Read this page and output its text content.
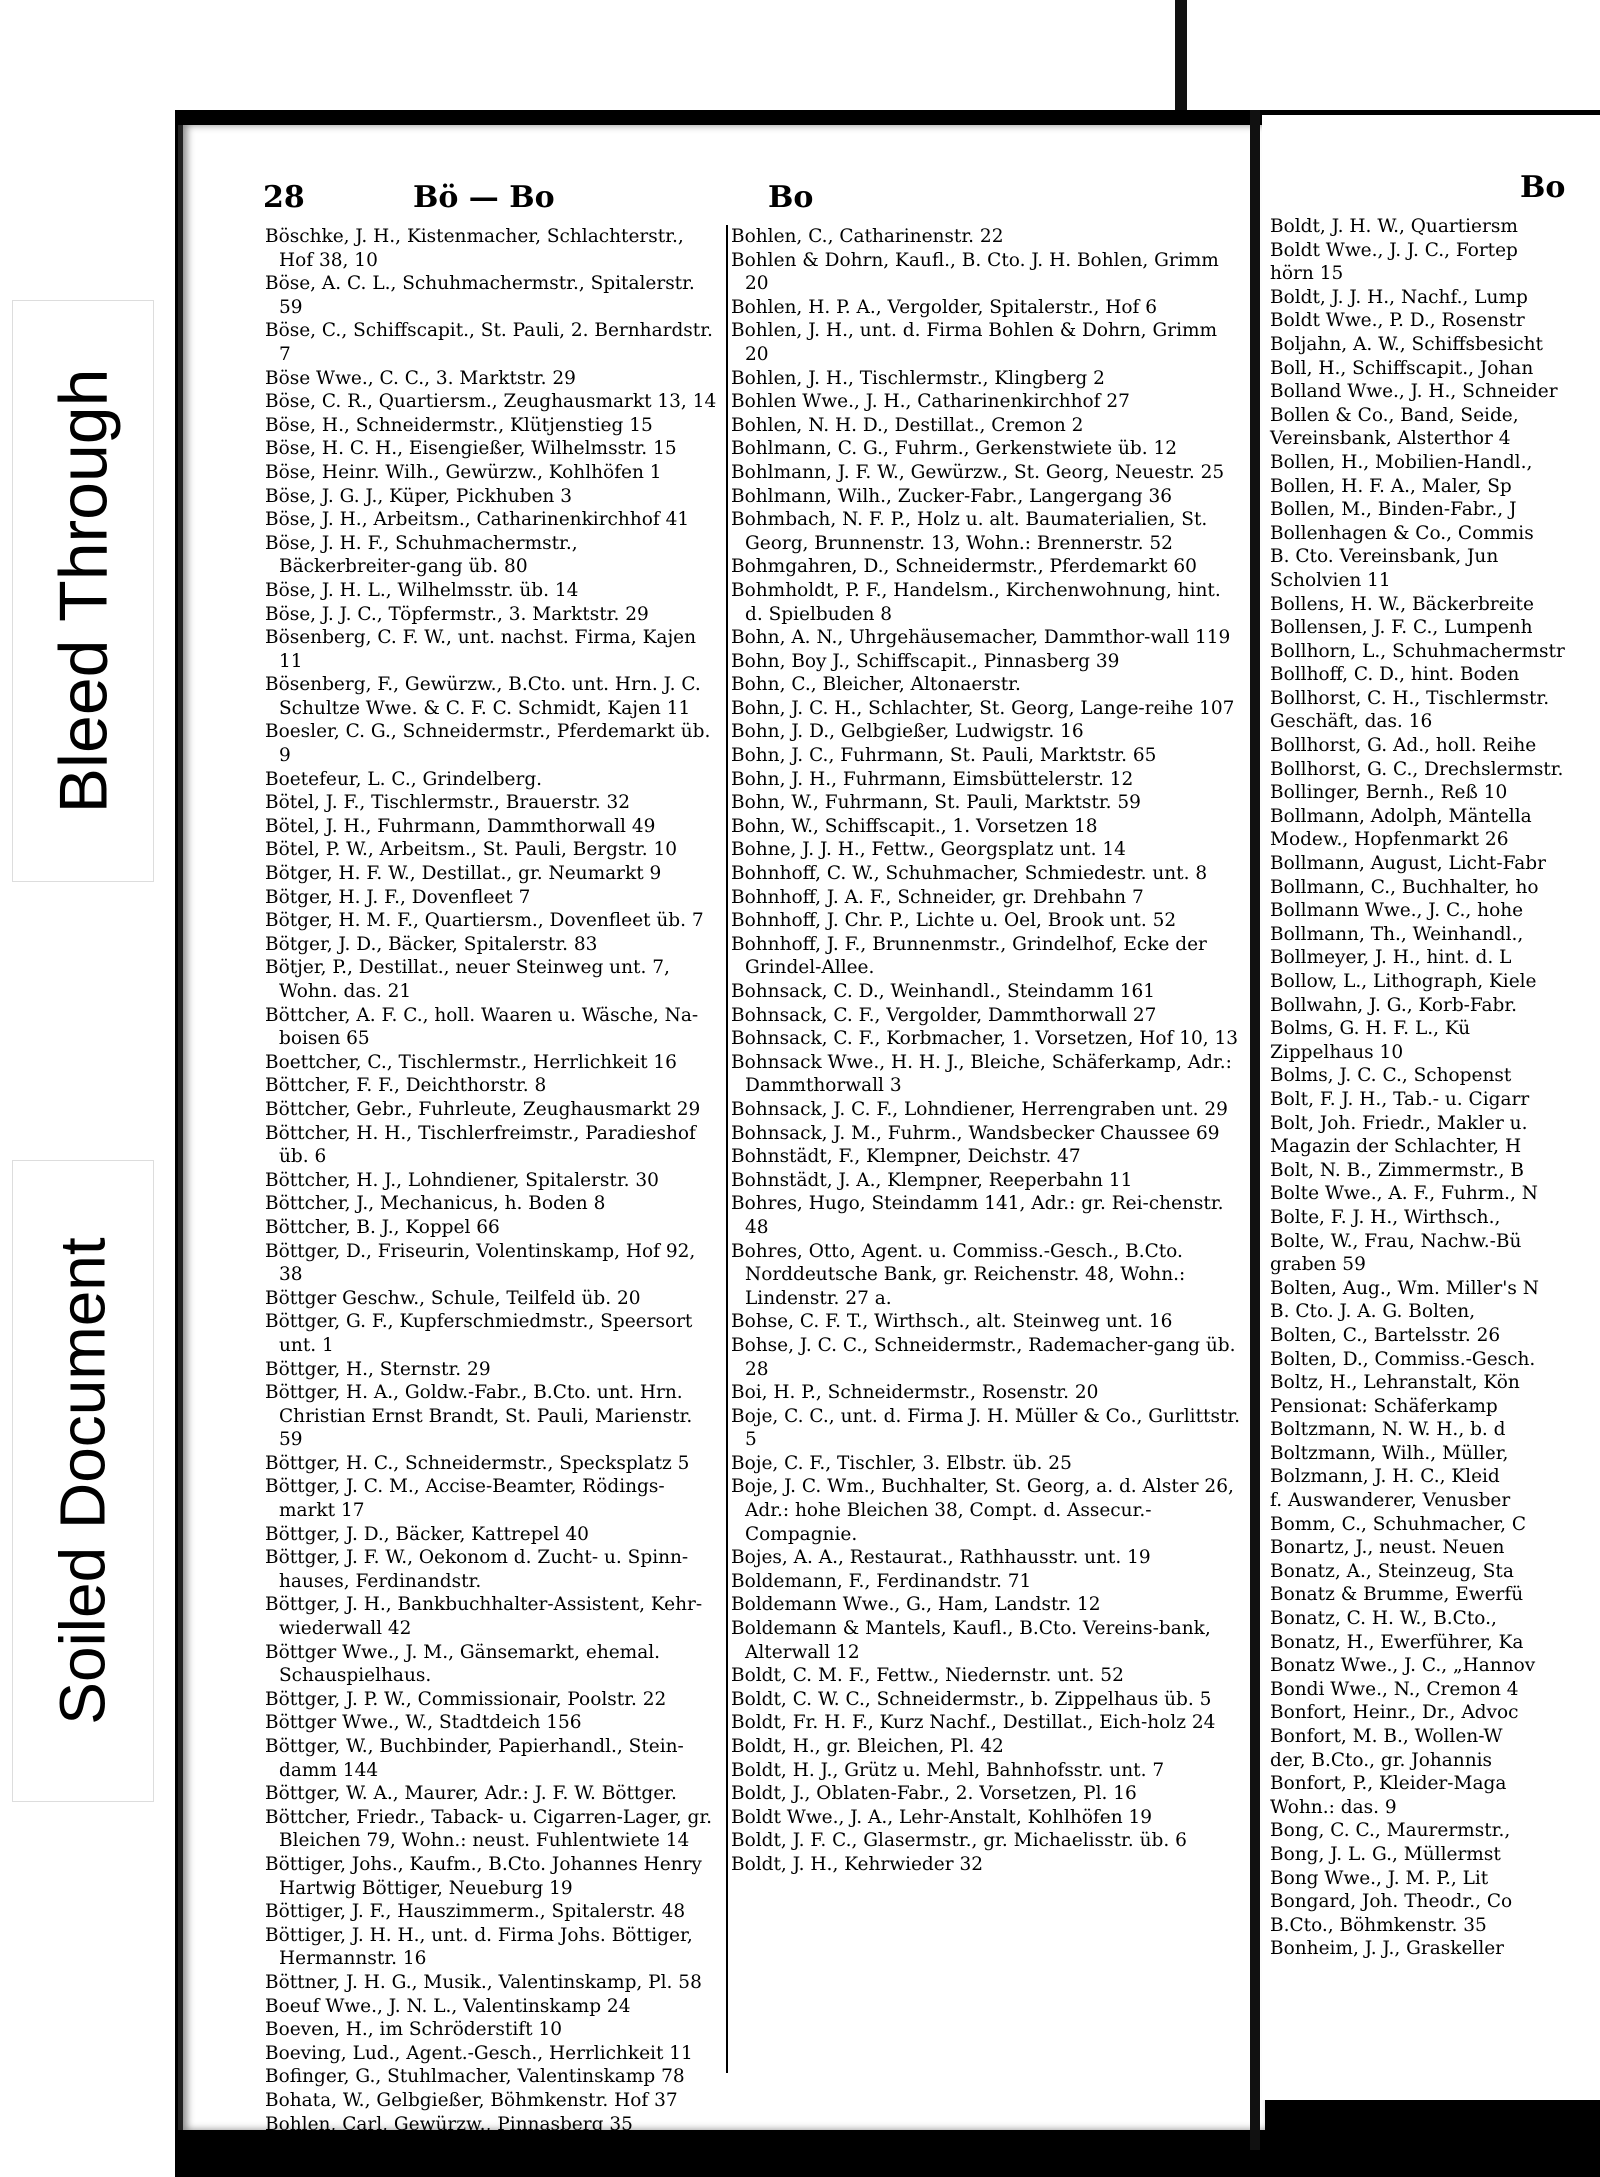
Bleed Through
Soiled Document
28	Bö — Bo	Bo

Böschke, J. H., Kistenmacher, Schlachterstr., Hof 38, 10

Böse, A. C. L., Schuhmachermstr., Spitalerstr. 59

Böse, C., Schiffscapit., St. Pauli, 2. Bernhardstr. 7

Böse Wwe., C. C., 3. Marktstr. 29

Böse, C. R., Quartiersm., Zeughausmarkt 13, 14

Böse, H., Schneidermstr., Klütjenstieg 15

Böse, H. C. H., Eisengießer, Wilhelmsstr. 15

Böse, Heinr. Wilh., Gewürzw., Kohlhöfen 1

Böse, J. G. J., Küper, Pickhuben 3

Böse, J. H., Arbeitsm., Catharinenkirchhof 41

Böse, J. H. F., Schuhmachermstr., Bäckerbreiter-gang üb. 80

Böse, J. H. L., Wilhelmsstr. üb. 14

Böse, J. J. C., Töpfermstr., 3. Marktstr. 29

Bösenberg, C. F. W., unt. nachst. Firma, Kajen 11

Bösenberg, F., Gewürzw., B.Cto. unt. Hrn. J. C. Schultze Wwe. & C. F. C. Schmidt, Kajen 11

Boesler, C. G., Schneidermstr., Pferdemarkt üb. 9

Boetefeur, L. C., Grindelberg.

Bötel, J. F., Tischlermstr., Brauerstr. 32

Bötel, J. H., Fuhrmann, Dammthorwall 49

Bötel, P. W., Arbeitsm., St. Pauli, Bergstr. 10

Bötger, H. F. W., Destillat., gr. Neumarkt 9

Bötger, H. J. F., Dovenfleet 7

Bötger, H. M. F., Quartiersm., Dovenfleet üb. 7

Bötger, J. D., Bäcker, Spitalerstr. 83

Bötjer, P., Destillat., neuer Steinweg unt. 7, Wohn. das. 21

Böttcher, A. F. C., holl. Waaren u. Wäsche, Na-boisen 65

Boettcher, C., Tischlermstr., Herrlichkeit 16

Böttcher, F. F., Deichthorstr. 8

Böttcher, Gebr., Fuhrleute, Zeughausmarkt 29

Böttcher, H. H., Tischlerfreimstr., Paradieshof üb. 6

Böttcher, H. J., Lohndiener, Spitalerstr. 30

Böttcher, J., Mechanicus, h. Boden 8

Böttcher, B. J., Koppel 66

Böttger, D., Friseurin, Volentinskamp, Hof 92, 38

Böttger Geschw., Schule, Teilfeld üb. 20

Böttger, G. F., Kupferschmiedmstr., Speersort unt. 1

Böttger, H., Sternstr. 29

Böttger, H. A., Goldw.-Fabr., B.Cto. unt. Hrn. Christian Ernst Brandt, St. Pauli, Marienstr. 59

Böttger, H. C., Schneidermstr., Specksplatz 5

Böttger, J. C. M., Accise-Beamter, Rödings-markt 17

Böttger, J. D., Bäcker, Kattrepel 40

Böttger, J. F. W., Oekonom d. Zucht- u. Spinn-hauses, Ferdinandstr.

Böttger, J. H., Bankbuchhalter-Assistent, Kehr-wiederwall 42

Böttger Wwe., J. M., Gänsemarkt, ehemal. Schauspielhaus.

Böttger, J. P. W., Commissionair, Poolstr. 22

Böttger Wwe., W., Stadtdeich 156

Böttger, W., Buchbinder, Papierhandl., Stein-damm 144

Böttger, W. A., Maurer, Adr.: J. F. W. Böttger.

Böttcher, Friedr., Taback- u. Cigarren-Lager, gr. Bleichen 79, Wohn.: neust. Fuhlentwiete 14

Böttiger, Johs., Kaufm., B.Cto. Johannes Henry Hartwig Böttiger, Neueburg 19

Böttiger, J. F., Hauszimmerm., Spitalerstr. 48

Böttiger, J. H. H., unt. d. Firma Johs. Böttiger, Hermannstr. 16

Böttner, J. H. G., Musik., Valentinskamp, Pl. 58

Boeuf Wwe., J. N. L., Valentinskamp 24

Boeven, H., im Schröderstift 10

Boeving, Lud., Agent.-Gesch., Herrlichkeit 11

Bofinger, G., Stuhlmacher, Valentinskamp 78

Bohata, W., Gelbgießer, Böhmkenstr. Hof 37

Bohlen, Carl, Gewürzw., Pinnasberg 35

Bohlen, C. H., Schuhmacher, Kattrepel üb. 11

Bohlen, C., Catharinenstr. 22

Bohlen & Dohrn, Kaufl., B. Cto. J. H. Bohlen, Grimm 20

Bohlen, H. P. A., Vergolder, Spitalerstr., Hof 6

Bohlen, J. H., unt. d. Firma Bohlen & Dohrn, Grimm 20

Bohlen, J. H., Tischlermstr., Klingberg 2

Bohlen Wwe., J. H., Catharinenkirchhof 27

Bohlen, N. H. D., Destillat., Cremon 2

Bohlmann, C. G., Fuhrm., Gerkenstwiete üb. 12

Bohlmann, J. F. W., Gewürzw., St. Georg, Neuestr. 25

Bohlmann, Wilh., Zucker-Fabr., Langergang 36

Bohmbach, N. F. P., Holz u. alt. Baumaterialien, St. Georg, Brunnenstr. 13, Wohn.: Brennerstr. 52

Bohmgahren, D., Schneidermstr., Pferdemarkt 60

Bohmholdt, P. F., Handelsm., Kirchenwohnung, hint. d. Spielbuden 8

Bohn, A. N., Uhrgehäusemacher, Dammthor-wall 119

Bohn, Boy J., Schiffscapit., Pinnasberg 39

Bohn, C., Bleicher, Altonaerstr.

Bohn, J. C. H., Schlachter, St. Georg, Lange-reihe 107

Bohn, J. D., Gelbgießer, Ludwigstr. 16

Bohn, J. C., Fuhrmann, St. Pauli, Marktstr. 65

Bohn, J. H., Fuhrmann, Eimsbüttelerstr. 12

Bohn, W., Fuhrmann, St. Pauli, Marktstr. 59

Bohn, W., Schiffscapit., 1. Vorsetzen 18

Bohne, J. J. H., Fettw., Georgsplatz unt. 14

Bohnhoff, C. W., Schuhmacher, Schmiedestr. unt. 8

Bohnhoff, J. A. F., Schneider, gr. Drehbahn 7

Bohnhoff, J. Chr. P., Lichte u. Oel, Brook unt. 52

Bohnhoff, J. F., Brunnenmstr., Grindelhof, Ecke der Grindel-Allee.

Bohnsack, C. D., Weinhandl., Steindamm 161

Bohnsack, C. F., Vergolder, Dammthorwall 27

Bohnsack, C. F., Korbmacher, 1. Vorsetzen, Hof 10, 13

Bohnsack Wwe., H. H. J., Bleiche, Schäferkamp, Adr.: Dammthorwall 3

Bohnsack, J. C. F., Lohndiener, Herrengraben unt. 29

Bohnsack, J. M., Fuhrm., Wandsbecker Chaussee 69

Bohnstädt, F., Klempner, Deichstr. 47

Bohnstädt, J. A., Klempner, Reeperbahn 11

Bohres, Hugo, Steindamm 141, Adr.: gr. Rei-chenstr. 48

Bohres, Otto, Agent. u. Commiss.-Gesch., B.Cto. Norddeutsche Bank, gr. Reichenstr. 48, Wohn.: Lindenstr. 27 a.

Bohse, C. F. T., Wirthsch., alt. Steinweg unt. 16

Bohse, J. C. C., Schneidermstr., Rademacher-gang üb. 28

Boi, H. P., Schneidermstr., Rosenstr. 20

Boje, C. C., unt. d. Firma J. H. Müller & Co., Gurlittstr. 5

Boje, C. F., Tischler, 3. Elbstr. üb. 25

Boje, J. C. Wm., Buchhalter, St. Georg, a. d. Alster 26, Adr.: hohe Bleichen 38, Compt. d. Assecur.-Compagnie.

Bojes, A. A., Restaurat., Rathhausstr. unt. 19

Boldemann, F., Ferdinandstr. 71

Boldemann Wwe., G., Ham, Landstr. 12

Boldemann & Mantels, Kaufl., B.Cto. Vereins-bank, Alterwall 12

Boldt, C. M. F., Fettw., Niedernstr. unt. 52

Boldt, C. W. C., Schneidermstr., b. Zippelhaus üb. 5

Boldt, Fr. H. F., Kurz Nachf., Destillat., Eich-holz 24

Boldt, H., gr. Bleichen, Pl. 42

Boldt, H. J., Grütz u. Mehl, Bahnhofsstr. unt. 7

Boldt, J., Oblaten-Fabr., 2. Vorsetzen, Pl. 16

Boldt Wwe., J. A., Lehr-Anstalt, Kohlhöfen 19

Boldt, J. F. C., Glasermstr., gr. Michaelisstr. üb. 6

Boldt, J. H., Kehrwieder 32

Bo

Boldt, J. H. W., Quartiersm

Boldt Wwe., J. J. C., Fortep

hörn 15

Boldt, J. J. H., Nachf., Lump

Boldt Wwe., P. D., Rosenstr

Boljahn, A. W., Schiffsbesicht

Boll, H., Schiffscapit., Johan

Bolland Wwe., J. H., Schneider

Bollen & Co., Band, Seide,

Vereinsbank, Alsterthor 4

Bollen, H., Mobilien-Handl.,

Bollen, H. F. A., Maler, Sp

Bollen, M., Binden-Fabr., J

Bollenhagen & Co., Commis

B. Cto. Vereinsbank, Jun

Scholvien 11

Bollens, H. W., Bäckerbreite

Bollensen, J. F. C., Lumpenh

Bollhorn, L., Schuhmachermstr

Bollhoff, C. D., hint. Boden

Bollhorst, C. H., Tischlermstr.

Geschäft, das. 16

Bollhorst, G. Ad., holl. Reihe

Bollhorst, G. C., Drechslermstr.

Bollinger, Bernh., Reß 10

Bollmann, Adolph, Mäntella

Modew., Hopfenmarkt 26

Bollmann, August, Licht-Fabr

Bollmann, C., Buchhalter, ho

Bollmann Wwe., J. C., hohe

Bollmann, Th., Weinhandl.,

Bollmeyer, J. H., hint. d. L

Bollow, L., Lithograph, Kiele

Bollwahn, J. G., Korb-Fabr.

Bolms, G. H. F. L., Kü

Zippelhaus 10

Bolms, J. C. C., Schopenst

Bolt, F. J. H., Tab.- u. Cigarr

Bolt, Joh. Friedr., Makler u.

Magazin der Schlachter, H

Bolt, N. B., Zimmermstr., B

Bolte Wwe., A. F., Fuhrm., N

Bolte, F. J. H., Wirthsch.,

Bolte, W., Frau, Nachw.-Bü

graben 59

Bolten, Aug., Wm. Miller's N

B. Cto. J. A. G. Bolten,

Bolten, C., Bartelsstr. 26

Bolten, D., Commiss.-Gesch.

Boltz, H., Lehranstalt, Kön

Pensionat: Schäferkamp

Boltzmann, N. W. H., b. d

Boltzmann, Wilh., Müller,

Bolzmann, J. H. C., Kleid

f. Auswanderer, Venusber

Bomm, C., Schuhmacher, C

Bonartz, J., neust. Neuen

Bonatz, A., Steinzeug, Sta

Bonatz & Brumme, Ewerfü

Bonatz, C. H. W., B.Cto.,

Bonatz, H., Ewerführer, Ka

Bonatz Wwe., J. C., „Hannov

Bondi Wwe., N., Cremon 4

Bonfort, Heinr., Dr., Advoc

Bonfort, M. B., Wollen-W

der, B.Cto., gr. Johannis

Bonfort, P., Kleider-Maga

Wohn.: das. 9

Bong, C. C., Maurermstr.,

Bong, J. L. G., Müllermst

Bong Wwe., J. M. P., Lit

Bongard, Joh. Theodr., Co

B.Cto., Böhmkenstr. 35

Bonheim, J. J., Graskeller
